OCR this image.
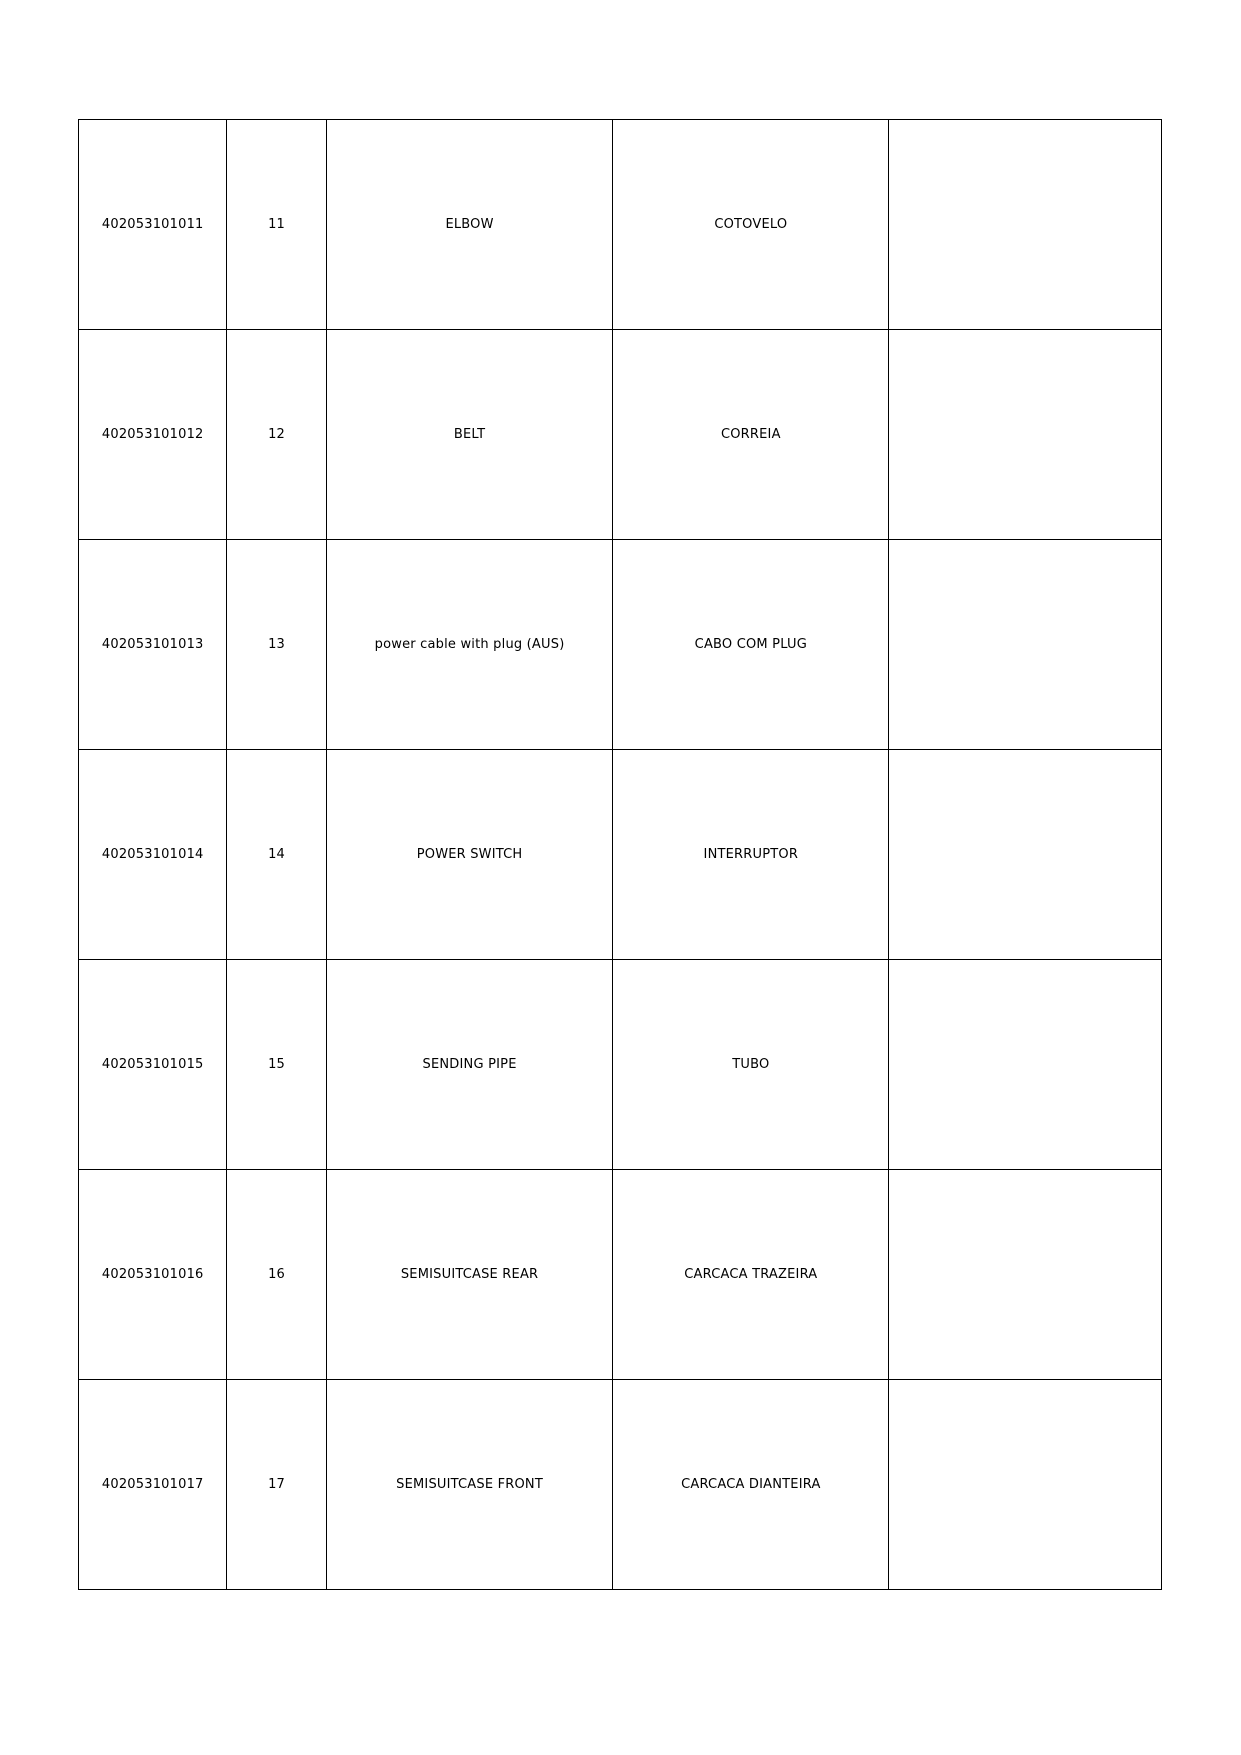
402053101011	11	ELBOW	COTOVELO	
402053101012	12	BELT	CORREIA	
402053101013	13	power cable with plug (AUS)	CABO COM PLUG	
402053101014	14	POWER SWITCH	INTERRUPTOR	
402053101015	15	SENDING PIPE	TUBO	
402053101016	16	SEMISUITCASE REAR	CARCACA TRAZEIRA	
402053101017	17	SEMISUITCASE FRONT	CARCACA DIANTEIRA	
